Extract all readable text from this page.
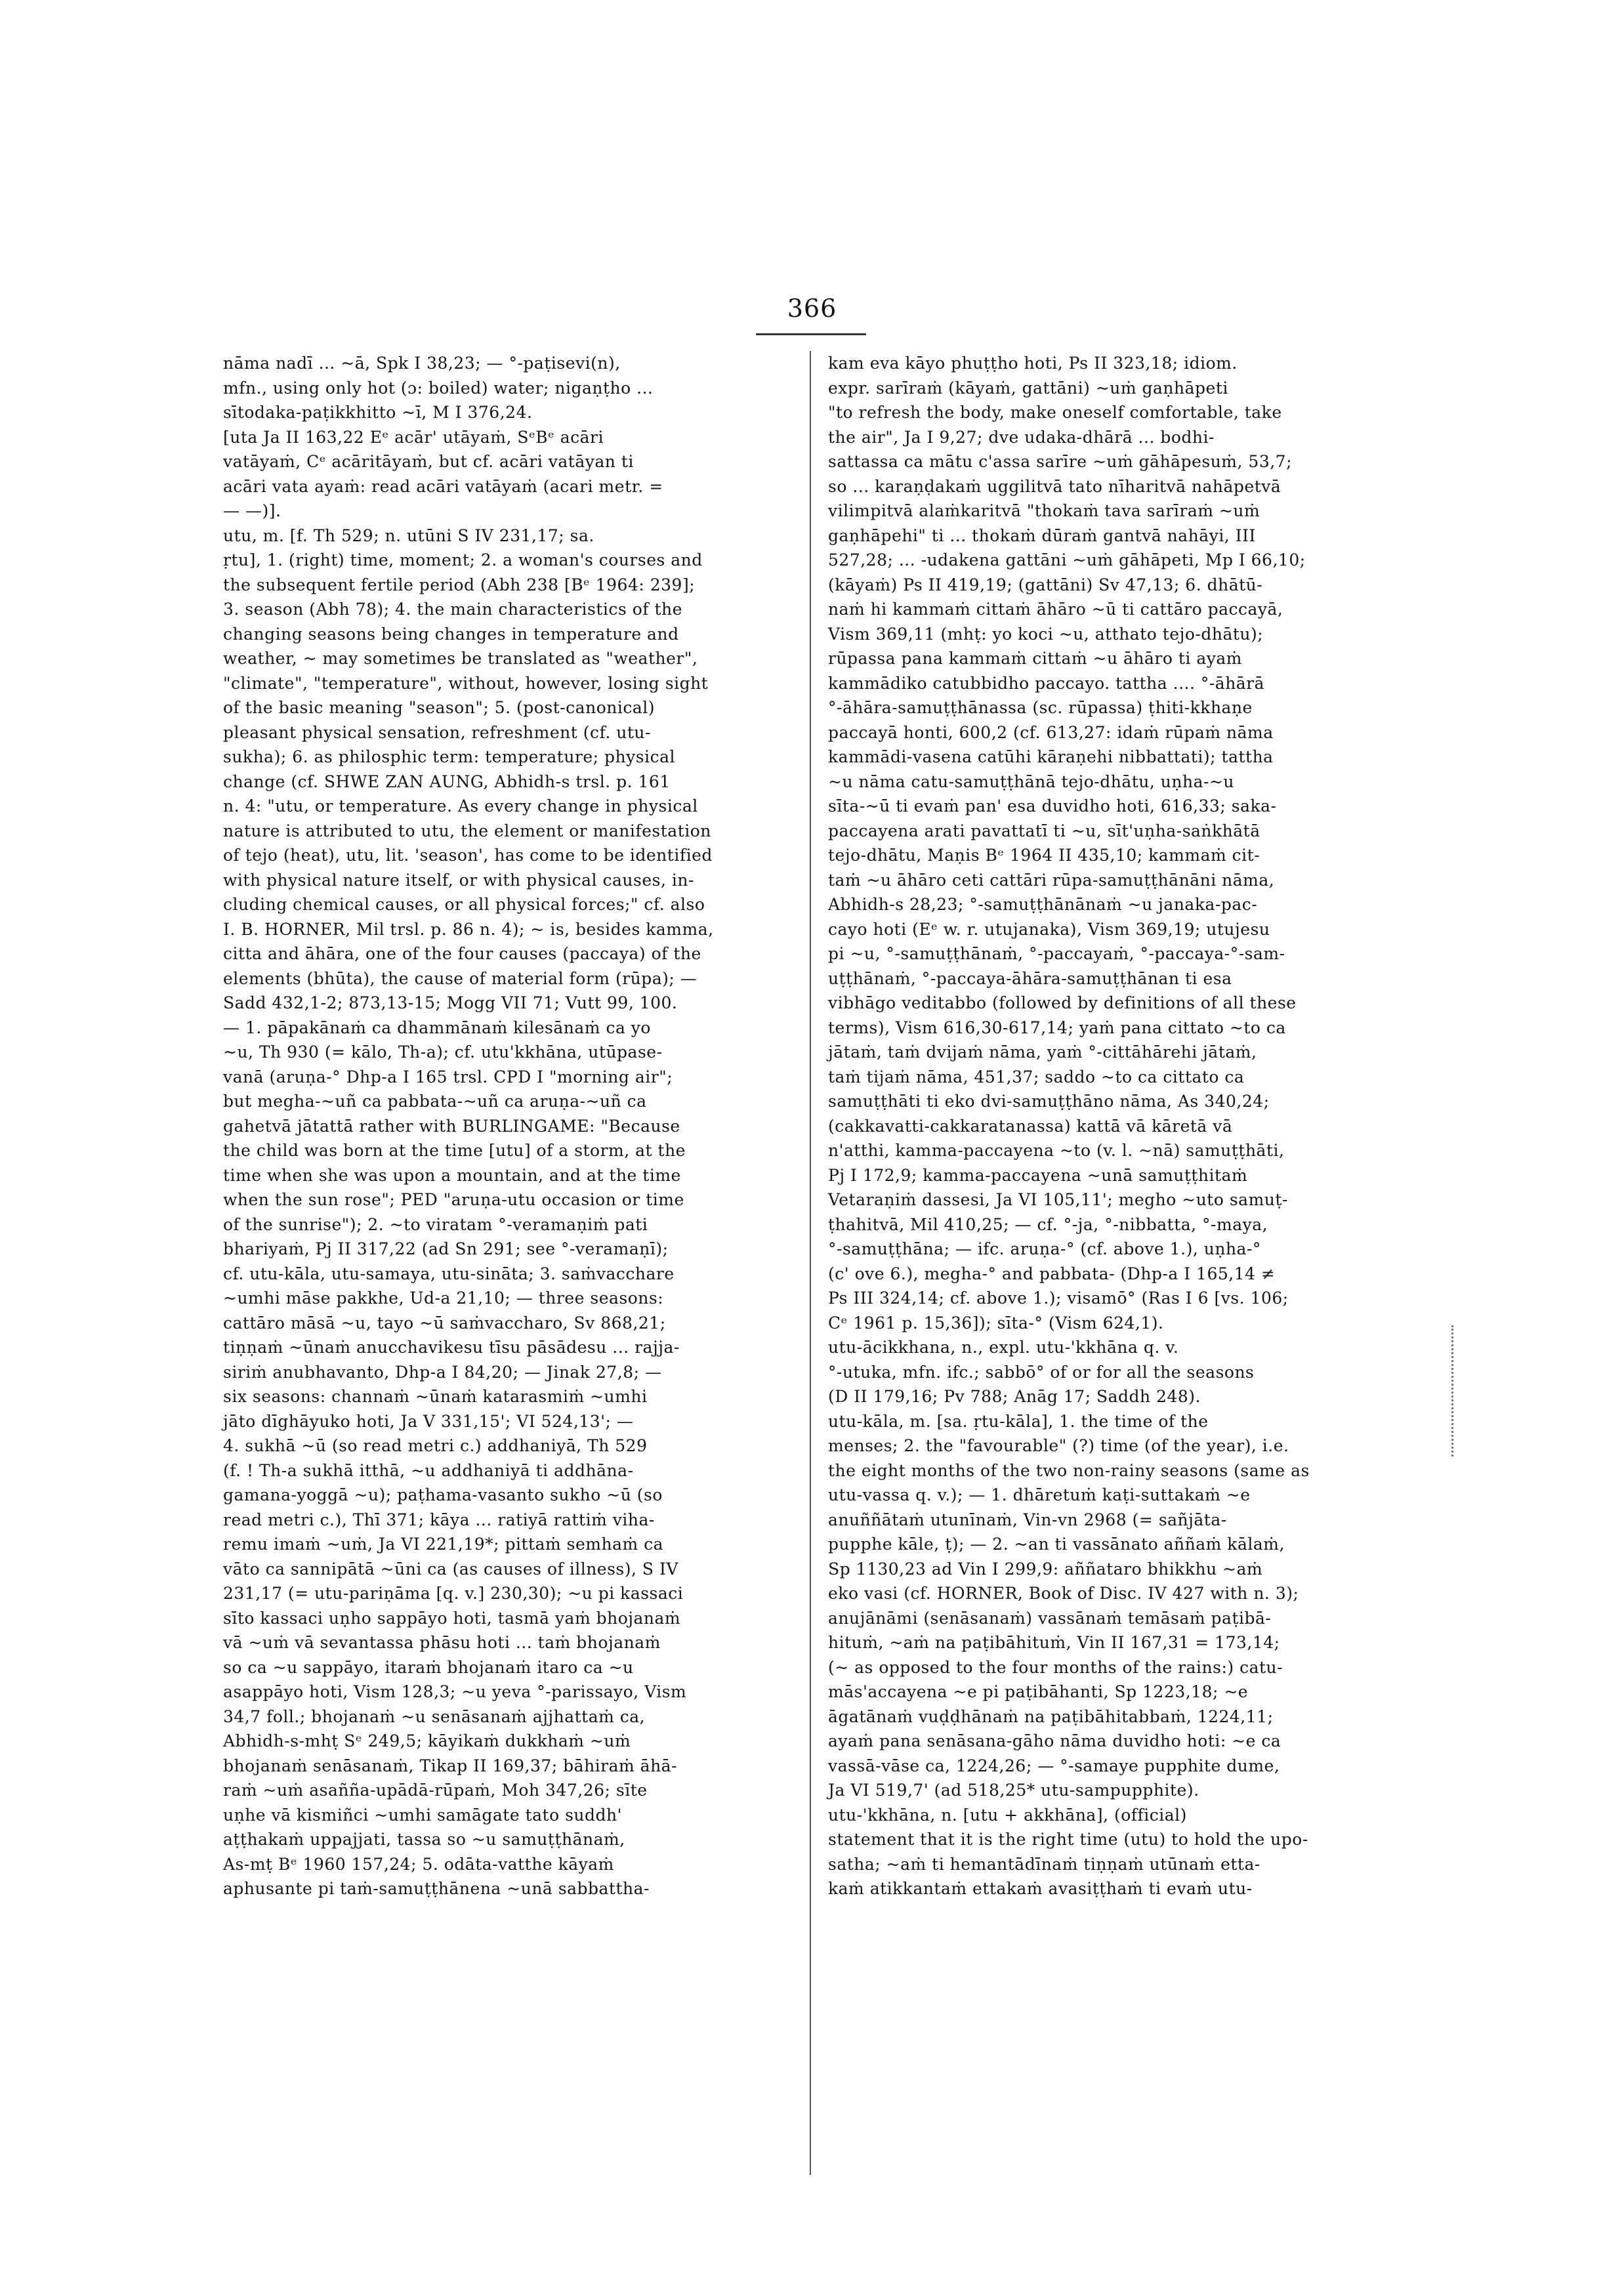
366
nāma nadī ... ~ā, Spk I 38,23; — °-paṭisevi(n),
mfn., using only hot (ɔ: boiled) water; nigaṇṭho ...
sītodaka-paṭikkhitto ~ī, M I 376,24.
[uta Ja II 163,22 Eᵉ acār' utāyaṁ, SᵉBᵉ acāri
vatāyaṁ, Cᵉ acāritāyaṁ, but cf. acāri vatāyan ti
acāri vata ayaṁ: read acāri vatāyaṁ (acari metr. =
— —)].
utu, m. [f. Th 529; n. utūni S IV 231,17; sa.
ṛtu], 1. (right) time, moment; 2. a woman's courses and
the subsequent fertile period (Abh 238 [Bᵉ 1964: 239];
3. season (Abh 78); 4. the main characteristics of the
changing seasons being changes in temperature and
weather, ~ may sometimes be translated as "weather",
"climate", "temperature", without, however, losing sight
of the basic meaning "season"; 5. (post-canonical)
pleasant physical sensation, refreshment (cf. utu-
sukha); 6. as philosphic term: temperature; physical
change (cf. SHWE ZAN AUNG, Abhidh-s trsl. p. 161
n. 4: "utu, or temperature. As every change in physical
nature is attributed to utu, the element or manifestation
of tejo (heat), utu, lit. 'season', has come to be identified
with physical nature itself, or with physical causes, in-
cluding chemical causes, or all physical forces;" cf. also
I. B. HORNER, Mil trsl. p. 86 n. 4); ~ is, besides kamma,
citta and āhāra, one of the four causes (paccaya) of the
elements (bhūta), the cause of material form (rūpa); —
Sadd 432,1-2; 873,13-15; Mogg VII 71; Vutt 99, 100.
— 1. pāpakānaṁ ca dhammānaṁ kilesānaṁ ca yo
~u, Th 930 (= kālo, Th-a); cf. utu'kkhāna, utūpase-
vanā (aruṇa-° Dhp-a I 165 trsl. CPD I "morning air";
but megha-~uñ ca pabbata-~uñ ca aruṇa-~uñ ca
gahetvā jātattā rather with BURLINGAME: "Because
the child was born at the time [utu] of a storm, at the
time when she was upon a mountain, and at the time
when the sun rose"; PED "aruṇa-utu occasion or time
of the sunrise"); 2. ~to viratam °-veramaṇiṁ pati
bhariyaṁ, Pj II 317,22 (ad Sn 291; see °-veramaṇī);
cf. utu-kāla, utu-samaya, utu-sināta; 3. saṁvacchare
~umhi māse pakkhe, Ud-a 21,10; — three seasons:
cattāro māsā ~u, tayo ~ū saṁvaccharo, Sv 868,21;
tiṇṇaṁ ~ūnaṁ anucchavikesu tīsu pāsādesu ... rajja-
siriṁ anubhavanto, Dhp-a I 84,20; — Jinak 27,8; —
six seasons: channaṁ ~ūnaṁ katarasmiṁ ~umhi
jāto dīghāyuko hoti, Ja V 331,15'; VI 524,13'; —
4. sukhā ~ū (so read metri c.) addhaniyā, Th 529
(f. ! Th-a sukhā itthā, ~u addhaniyā ti addhāna-
gamana-yoggā ~u); paṭhama-vasanto sukho ~ū (so
read metri c.), Thī 371; kāya ... ratiyā rattiṁ viha-
remu imaṁ ~uṁ, Ja VI 221,19*; pittaṁ semhaṁ ca
vāto ca sannipātā ~ūni ca (as causes of illness), S IV
231,17 (= utu-pariṇāma [q. v.] 230,30); ~u pi kassaci
sīto kassaci uṇho sappāyo hoti, tasmā yaṁ bhojanaṁ
vā ~uṁ vā sevantassa phāsu hoti ... taṁ bhojanaṁ
so ca ~u sappāyo, itaraṁ bhojanaṁ itaro ca ~u
asappāyo hoti, Vism 128,3; ~u yeva °-parissayo, Vism
34,7 foll.; bhojanaṁ ~u senāsanaṁ ajjhattaṁ ca,
Abhidh-s-mhṭ Sᵉ 249,5; kāyikaṁ dukkhaṁ ~uṁ
bhojanaṁ senāsanaṁ, Tikap II 169,37; bāhiraṁ āhā-
raṁ ~uṁ asañña-upādā-rūpaṁ, Moh 347,26; sīte
uṇhe vā kismiñci ~umhi samāgate tato suddh'
aṭṭhakaṁ uppajjati, tassa so ~u samuṭṭhānaṁ,
As-mṭ Bᵉ 1960 157,24; 5. odāta-vatthe kāyaṁ
aphusante pi taṁ-samuṭṭhānena ~unā sabbattha-
kam eva kāyo phuṭṭho hoti, Ps II 323,18; idiom.
expr. sarīraṁ (kāyaṁ, gattāni) ~uṁ gaṇhāpeti
"to refresh the body, make oneself comfortable, take
the air", Ja I 9,27; dve udaka-dhārā ... bodhi-
sattassa ca mātu c'assa sarīre ~uṁ gāhāpesuṁ, 53,7;
so ... karaṇḍakaṁ uggilitvā tato nīharitvā nahāpetvā
vilimpitvā alaṁkaritvā "thokaṁ tava sarīraṁ ~uṁ
gaṇhāpehi" ti ... thokaṁ dūraṁ gantvā nahāyi, III
527,28; ... -udakena gattāni ~uṁ gāhāpeti, Mp I 66,10;
(kāyaṁ) Ps II 419,19; (gattāni) Sv 47,13; 6. dhātū-
naṁ hi kammaṁ cittaṁ āhāro ~ū ti cattāro paccayā,
Vism 369,11 (mhṭ: yo koci ~u, atthato tejo-dhātu);
rūpassa pana kammaṁ cittaṁ ~u āhāro ti ayaṁ
kammādiko catubbidho paccayo. tattha .... °-āhārā
°-āhāra-samuṭṭhānassa (sc. rūpassa) ṭhiti-kkhaṇe
paccayā honti, 600,2 (cf. 613,27: idaṁ rūpaṁ nāma
kammādi-vasena catūhi kāraṇehi nibbattati); tattha
~u nāma catu-samuṭṭhānā tejo-dhātu, uṇha-~u
sīta-~ū ti evaṁ pan' esa duvidho hoti, 616,33; saka-
paccayena arati pavattatī ti ~u, sīt'uṇha-saṅkhātā
tejo-dhātu, Maṇis Bᵉ 1964 II 435,10; kammaṁ cit-
taṁ ~u āhāro ceti cattāri rūpa-samuṭṭhānāni nāma,
Abhidh-s 28,23; °-samuṭṭhānānaṁ ~u janaka-pac-
cayo hoti (Eᵉ w. r. utujanaka), Vism 369,19; utujesu
pi ~u, °-samuṭṭhānaṁ, °-paccayaṁ, °-paccaya-°-sam-
uṭṭhānaṁ, °-paccaya-āhāra-samuṭṭhānan ti esa
vibhāgo veditabbo (followed by definitions of all these
terms), Vism 616,30-617,14; yaṁ pana cittato ~to ca
jātaṁ, taṁ dvijaṁ nāma, yaṁ °-cittāhārehi jātaṁ,
taṁ tijaṁ nāma, 451,37; saddo ~to ca cittato ca
samuṭṭhāti ti eko dvi-samuṭṭhāno nāma, As 340,24;
(cakkavatti-cakkaratanassa) kattā vā kāretā vā
n'atthi, kamma-paccayena ~to (v. l. ~nā) samuṭṭhāti,
Pj I 172,9; kamma-paccayena ~unā samuṭṭhitaṁ
Vetaraṇiṁ dassesi, Ja VI 105,11'; megho ~uto samuṭ-
ṭhahitvā, Mil 410,25; — cf. °-ja, °-nibbatta, °-maya,
°-samuṭṭhāna; — ifc. aruṇa-° (cf. above 1.), uṇha-°
(c' ove 6.), megha-° and pabbata- (Dhp-a I 165,14 ≠
Ps III 324,14; cf. above 1.); visamō° (Ras I 6 [vs. 106;
Cᵉ 1961 p. 15,36]); sīta-° (Vism 624,1).
utu-ācikkhana, n., expl. utu-'kkhāna q. v.
°-utuka, mfn. ifc.; sabbō° of or for all the seasons
(D II 179,16; Pv 788; Anāg 17; Saddh 248).
utu-kāla, m. [sa. ṛtu-kāla], 1. the time of the
menses; 2. the "favourable" (?) time (of the year), i.e.
the eight months of the two non-rainy seasons (same as
utu-vassa q. v.); — 1. dhāretuṁ kaṭi-suttakaṁ ~e
anuññātaṁ utunīnaṁ, Vin-vn 2968 (= sañjāta-
pupphe kāle, ṭ); — 2. ~an ti vassānato aññaṁ kālaṁ,
Sp 1130,23 ad Vin I 299,9: aññataro bhikkhu ~aṁ
eko vasi (cf. HORNER, Book of Disc. IV 427 with n. 3);
anujānāmi (senāsanaṁ) vassānaṁ temāsaṁ paṭibā-
hituṁ, ~aṁ na paṭibāhituṁ, Vin II 167,31 = 173,14;
(~ as opposed to the four months of the rains:) catu-
mās'accayena ~e pi paṭibāhanti, Sp 1223,18; ~e
āgatānaṁ vuḍḍhānaṁ na paṭibāhitabbaṁ, 1224,11;
ayaṁ pana senāsana-gāho nāma duvidho hoti: ~e ca
vassā-vāse ca, 1224,26; — °-samaye pupphite dume,
Ja VI 519,7' (ad 518,25* utu-sampupphite).
utu-'kkhāna, n. [utu + akkhāna], (official)
statement that it is the right time (utu) to hold the upo-
satha; ~aṁ ti hemantādīnaṁ tiṇṇaṁ utūnaṁ etta-
kaṁ atikkantaṁ ettakaṁ avasiṭṭhaṁ ti evaṁ utu-
